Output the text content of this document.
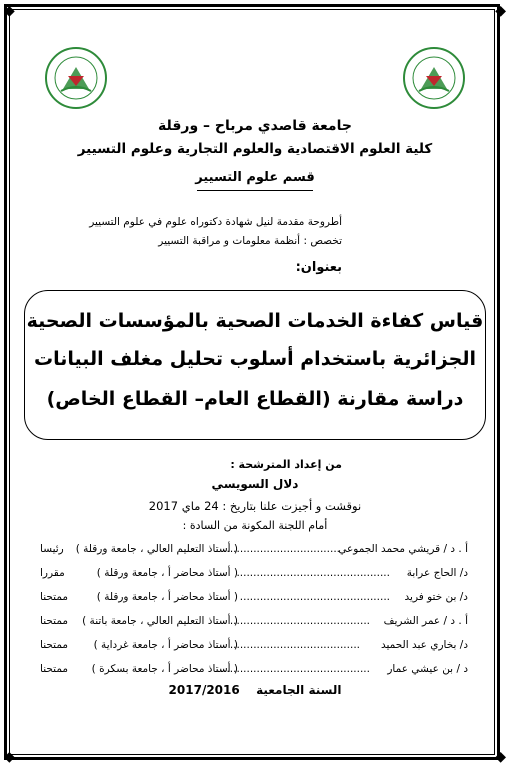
◆	◆
◆	◆
جامعة قاصدي مرباح – ورقلة
كلية العلوم الاقتصادية والعلوم التجارية وعلوم التسيير
قسم علوم التسيير
أطروحة مقدمة لنيل شهادة دكتوراه علوم في علوم التسيير
تخصص : أنظمة معلومات و مراقبة التسيير
بعنوان:
قياس كفاءة الخدمات الصحية بالمؤسسات الصحية
الجزائرية باستخدام أسلوب تحليل مغلف البيانات
دراسة مقارنة (القطاع العام– القطاع الخاص)
من إعداد المترشحة :
دلال السويسي
نوقشت و أجيزت علنا بتاريخ : 24 ماي 2017
أمام اللجنة المكونة من السادة :
أ . د / قريشي محمد الجموعي
...................................
( أستاذ التعليم العالي ، جامعة ورقلة )
رئيسا
د/ الحاج عرابة
..............................................
( أستاذ محاضر أ ، جامعة ورقلة )
مقررا
د/ بن ختو فريد
.............................................
( أستاذ محاضر أ ، جامعة ورقلة )
ممتحنا
أ . د / عمر الشريف
..........................................
( أستاذ التعليم العالي ، جامعة باتنة )
ممتحنا
د/ بخاري عبد الحميد
.......................................
( أستاذ محاضر أ ، جامعة غرداية )
ممتحنا
د / بن عيشي عمار
..............................................
( أستاذ محاضر أ ، جامعة بسكرة )
ممتحنا
السنة الجامعية  2017/2016
